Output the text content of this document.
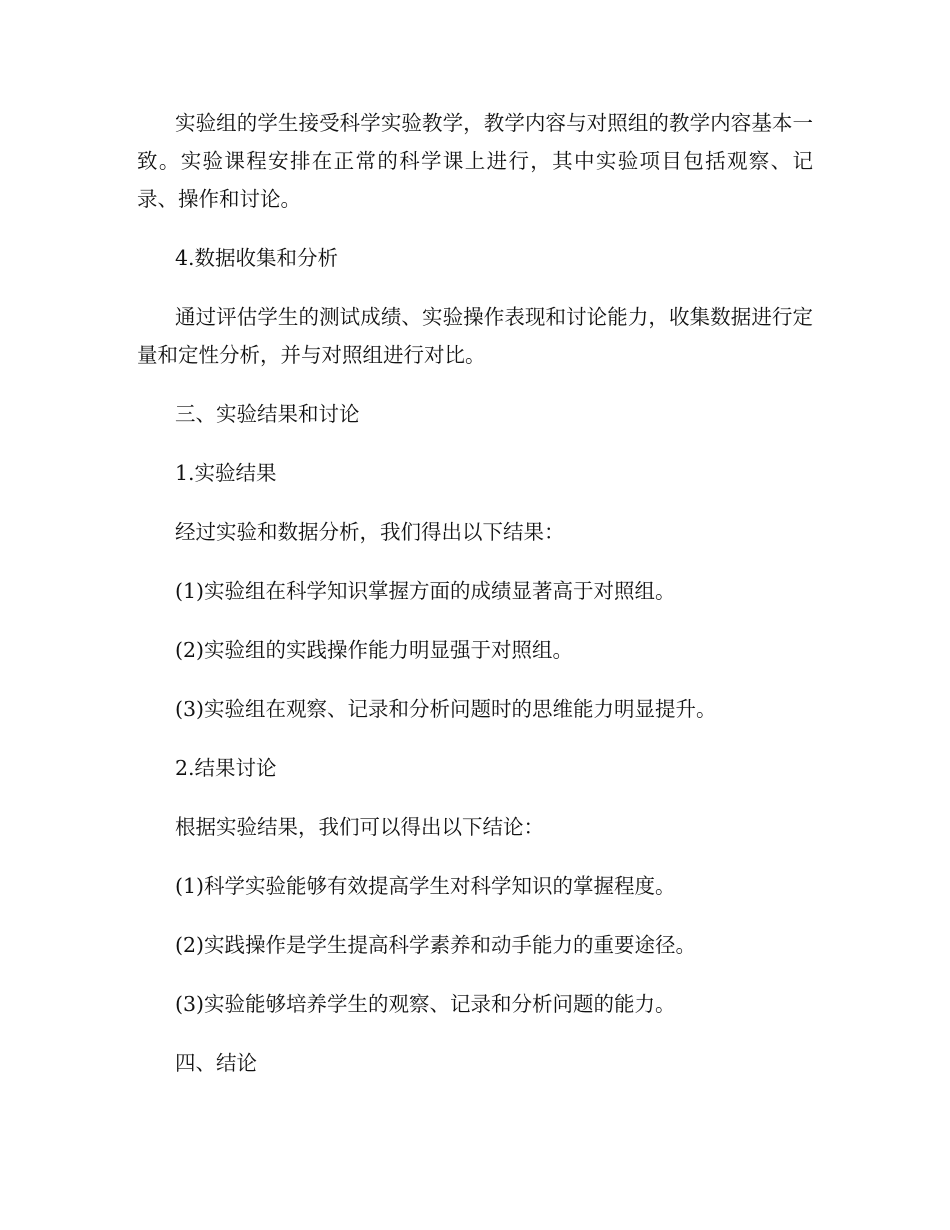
实验组的学生接受科学实验教学，教学内容与对照组的教学内容基本一致。实验课程安排在正常的科学课上进行，其中实验项目包括观察、记录、操作和讨论。

4.数据收集和分析

通过评估学生的测试成绩、实验操作表现和讨论能力，收集数据进行定量和定性分析，并与对照组进行对比。

三、实验结果和讨论

1.实验结果

经过实验和数据分析，我们得出以下结果：

(1)实验组在科学知识掌握方面的成绩显著高于对照组。

(2)实验组的实践操作能力明显强于对照组。

(3)实验组在观察、记录和分析问题时的思维能力明显提升。

2.结果讨论

根据实验结果，我们可以得出以下结论：

(1)科学实验能够有效提高学生对科学知识的掌握程度。

(2)实践操作是学生提高科学素养和动手能力的重要途径。

(3)实验能够培养学生的观察、记录和分析问题的能力。

四、结论
